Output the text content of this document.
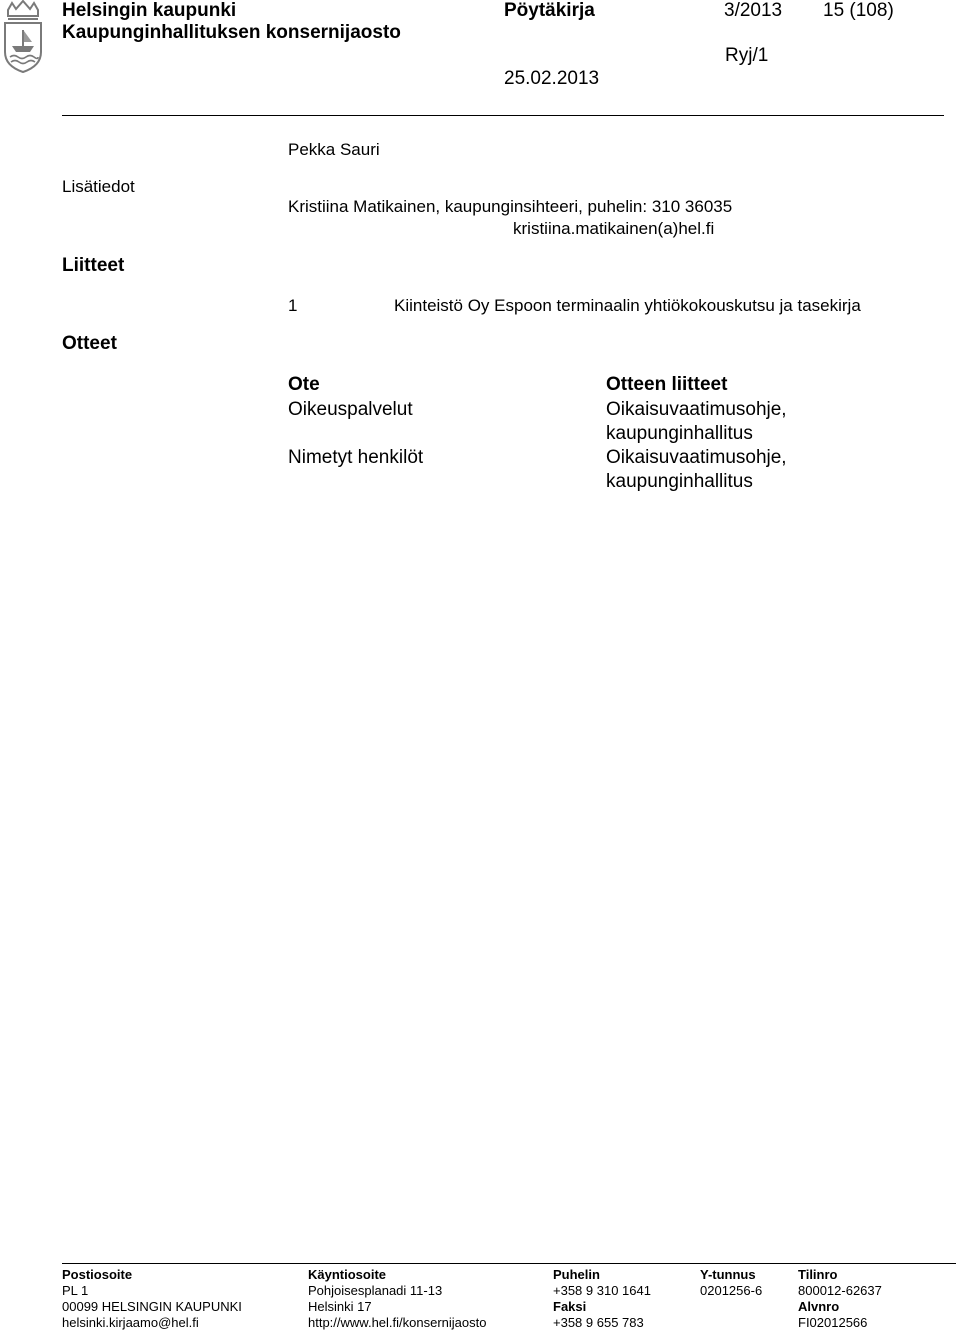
Helsingin kaupunki
Kaupunginhallituksen konsernijaosto
Pöytäkirja	3/2013 15 (108)
Ryj/1
25.02.2013
Pekka Sauri
Lisätiedot
Kristiina Matikainen, kaupunginsihteeri, puhelin: 310 36035
kristiina.matikainen(a)hel.fi
Liitteet
1	Kiinteistö Oy Espoon terminaalin yhtiökokouskutsu ja tasekirja
Otteet
Ote	Otteen liitteet
Oikeuspalvelut	Oikaisuvaatimusohje,
kaupunginhallitus
Nimetyt henkilöt	Oikaisuvaatimusohje,
kaupunginhallitus
Postiosoite
PL 1
00099 HELSINGIN KAUPUNKI
helsinki.kirjaamo@hel.fi
Käyntiosoite
Pohjoisesplanadi 11-13
Helsinki 17
http://www.hel.fi/konsernijaosto
Puhelin
+358 9 310 1641
Faksi
+358 9 655 783
Y-tunnus
0201256-6
Tilinro
800012-62637
Alvnro
FI02012566
